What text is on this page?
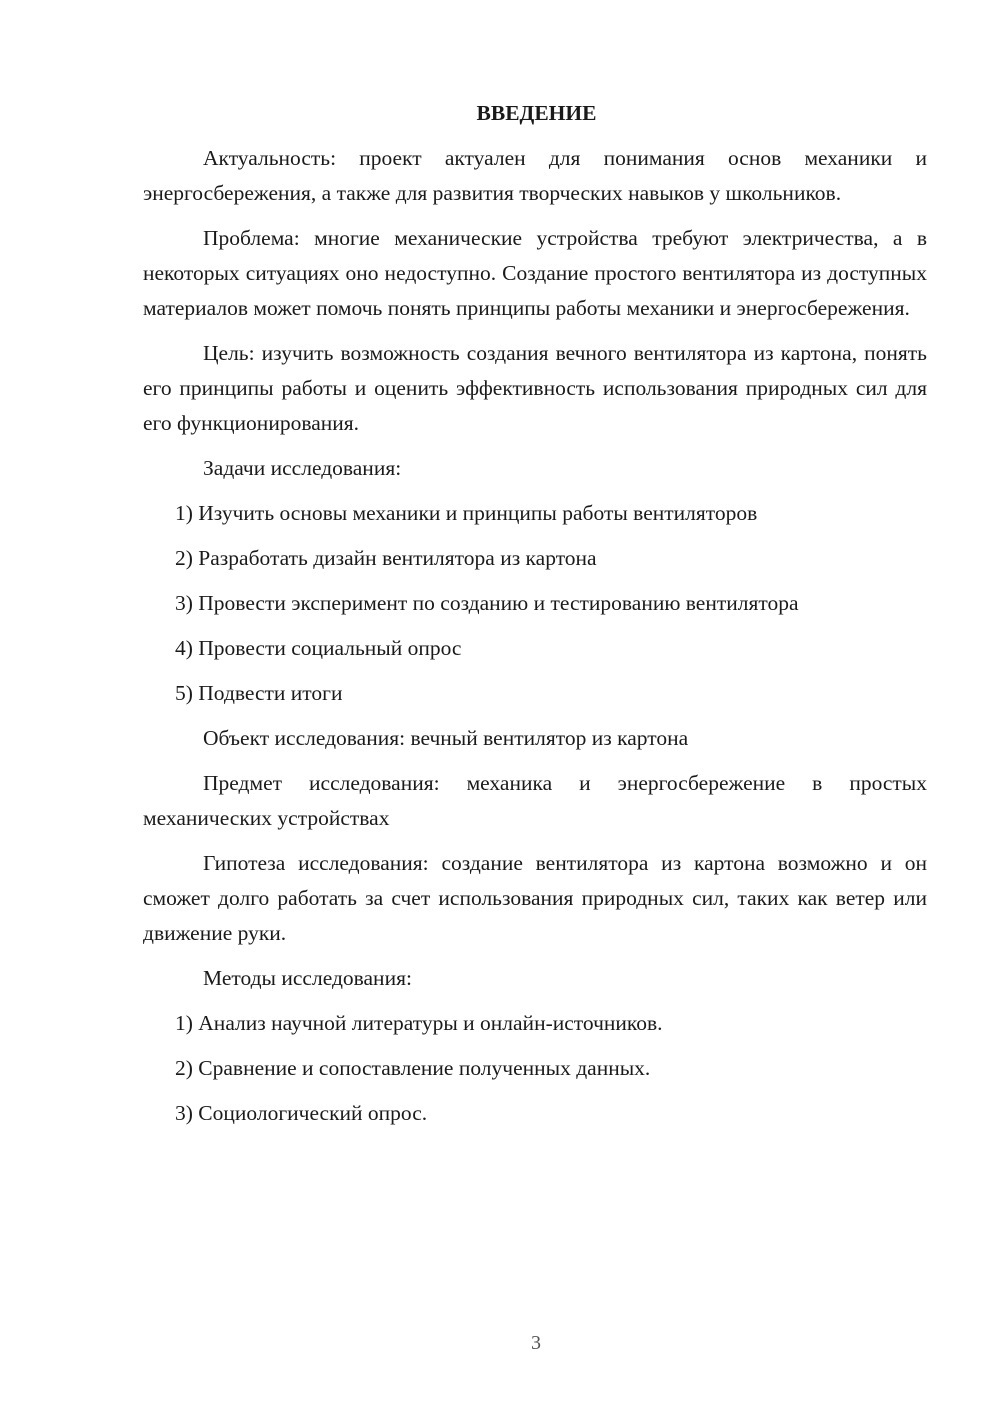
ВВЕДЕНИЕ

Актуальность: проект актуален для понимания основ механики и энергосбережения, а также для развития творческих навыков у школьников.

Проблема: многие механические устройства требуют электричества, а в некоторых ситуациях оно недоступно. Создание простого вентилятора из доступных материалов может помочь понять принципы работы механики и энергосбережения.

Цель: изучить возможность создания вечного вентилятора из картона, понять его принципы работы и оценить эффективность использования природных сил для его функционирования.

Задачи исследования:

1) Изучить основы механики и принципы работы вентиляторов
2) Разработать дизайн вентилятора из картона
3) Провести эксперимент по созданию и тестированию вентилятора
4) Провести социальный опрос
5) Подвести итоги

Объект исследования: вечный вентилятор из картона

Предмет исследования: механика и энергосбережение в простых механических устройствах

Гипотеза исследования: создание вентилятора из картона возможно и он сможет долго работать за счет использования природных сил, таких как ветер или движение руки.

Методы исследования:

1) Анализ научной литературы и онлайн-источников.
2) Сравнение и сопоставление полученных данных.
3) Социологический опрос.
3
